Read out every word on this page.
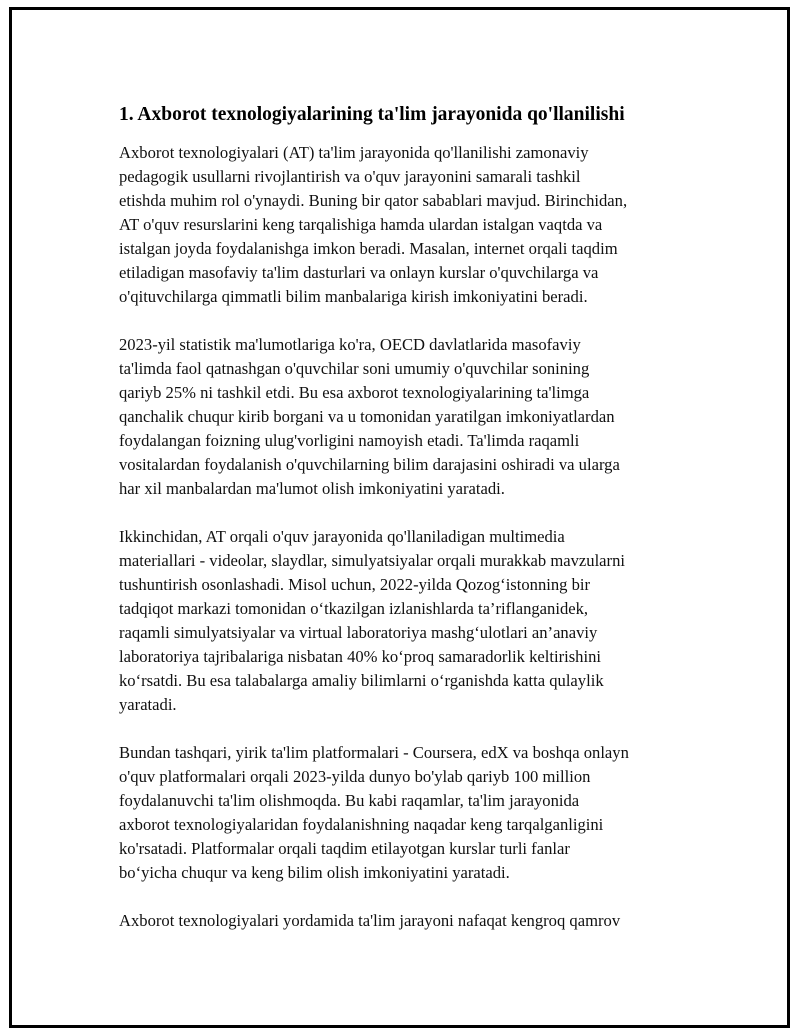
1. Axborot texnologiyalarining ta'lim jarayonida qo'llanilishi

Axborot texnologiyalari (AT) ta'lim jarayonida qo'llanilishi zamonaviy
pedagogik usullarni rivojlantirish va o'quv jarayonini samarali tashkil
etishda muhim rol o'ynaydi. Buning bir qator sabablari mavjud. Birinchidan,
AT o'quv resurslarini keng tarqalishiga hamda ulardan istalgan vaqtda va
istalgan joyda foydalanishga imkon beradi. Masalan, internet orqali taqdim
etiladigan masofaviy ta'lim dasturlari va onlayn kurslar o'quvchilarga va
o'qituvchilarga qimmatli bilim manbalariga kirish imkoniyatini beradi.

2023-yil statistik ma'lumotlariga ko'ra, OECD davlatlarida masofaviy
ta'limda faol qatnashgan o'quvchilar soni umumiy o'quvchilar sonining
qariyb 25% ni tashkil etdi. Bu esa axborot texnologiyalarining ta'limga
qanchalik chuqur kirib borgani va u tomonidan yaratilgan imkoniyatlardan
foydalangan foizning ulug'vorligini namoyish etadi. Ta'limda raqamli
vositalardan foydalanish o'quvchilarning bilim darajasini oshiradi va ularga
har xil manbalardan ma'lumot olish imkoniyatini yaratadi.

Ikkinchidan, AT orqali o'quv jarayonida qo'llaniladigan multimedia
materiallari - videolar, slaydlar, simulyatsiyalar orqali murakkab mavzularni
tushuntirish osonlashadi. Misol uchun, 2022-yilda Qozog‘istonning bir
tadqiqot markazi tomonidan o‘tkazilgan izlanishlarda ta’riflanganidek,
raqamli simulyatsiyalar va virtual laboratoriya mashg‘ulotlari an’anaviy
laboratoriya tajribalariga nisbatan 40% ko‘proq samaradorlik keltirishini
ko‘rsatdi. Bu esa talabalarga amaliy bilimlarni o‘rganishda katta qulaylik
yaratadi.

Bundan tashqari, yirik ta'lim platformalari - Coursera, edX va boshqa onlayn
o'quv platformalari orqali 2023-yilda dunyo bo'ylab qariyb 100 million
foydalanuvchi ta'lim olishmoqda. Bu kabi raqamlar, ta'lim jarayonida
axborot texnologiyalaridan foydalanishning naqadar keng tarqalganligini
ko'rsatadi. Platformalar orqali taqdim etilayotgan kurslar turli fanlar
bo‘yicha chuqur va keng bilim olish imkoniyatini yaratadi.

Axborot texnologiyalari yordamida ta'lim jarayoni nafaqat kengroq qamrov
